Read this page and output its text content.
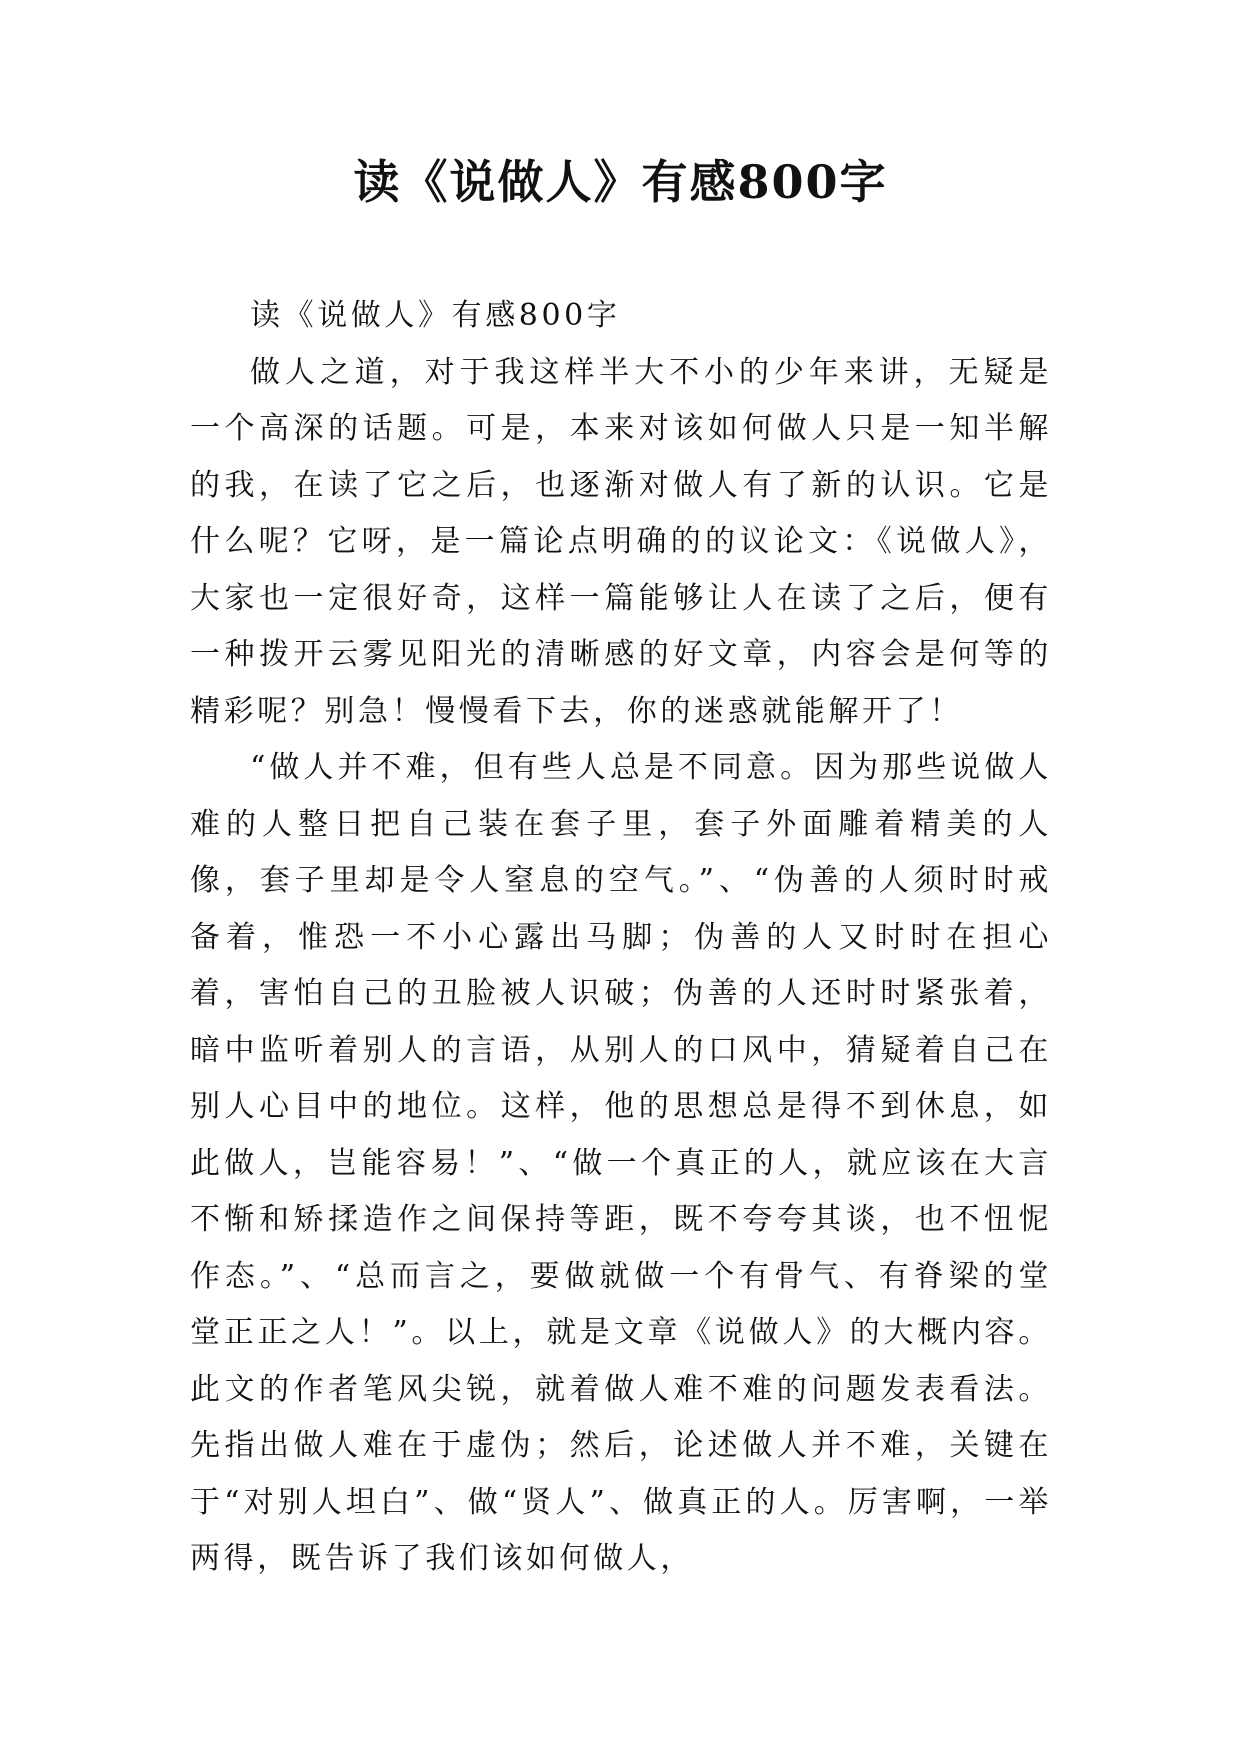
读《说做人》有感800字

读《说做人》有感800字

做人之道，对于我这样半大不小的少年来讲，无疑是一个高深的话题。可是，本来对该如何做人只是一知半解的我，在读了它之后，也逐渐对做人有了新的认识。它是什么呢？它呀，是一篇论点明确的的议论文：《说做人》，大家也一定很好奇，这样一篇能够让人在读了之后，便有一种拨开云雾见阳光的清晰感的好文章，内容会是何等的精彩呢？别急！慢慢看下去，你的迷惑就能解开了！

“做人并不难，但有些人总是不同意。因为那些说做人难的人整日把自己装在套子里，套子外面雕着精美的人像，套子里却是令人窒息的空气。”、“伪善的人须时时戒备着，惟恐一不小心露出马脚；伪善的人又时时在担心着，害怕自己的丑脸被人识破；伪善的人还时时紧张着，暗中监听着别人的言语，从别人的口风中，猜疑着自己在别人心目中的地位。这样，他的思想总是得不到休息，如此做人，岂能容易！”、“做一个真正的人，就应该在大言不惭和矫揉造作之间保持等距，既不夸夸其谈，也不忸怩作态。”、“总而言之，要做就做一个有骨气、有脊梁的堂堂正正之人！”。以上，就是文章《说做人》的大概内容。此文的作者笔风尖锐，就着做人难不难的问题发表看法。先指出做人难在于虚伪；然后，论述做人并不难，关键在于“对别人坦白”、做“贤人”、做真正的人。厉害啊，一举两得，既告诉了我们该如何做人，
